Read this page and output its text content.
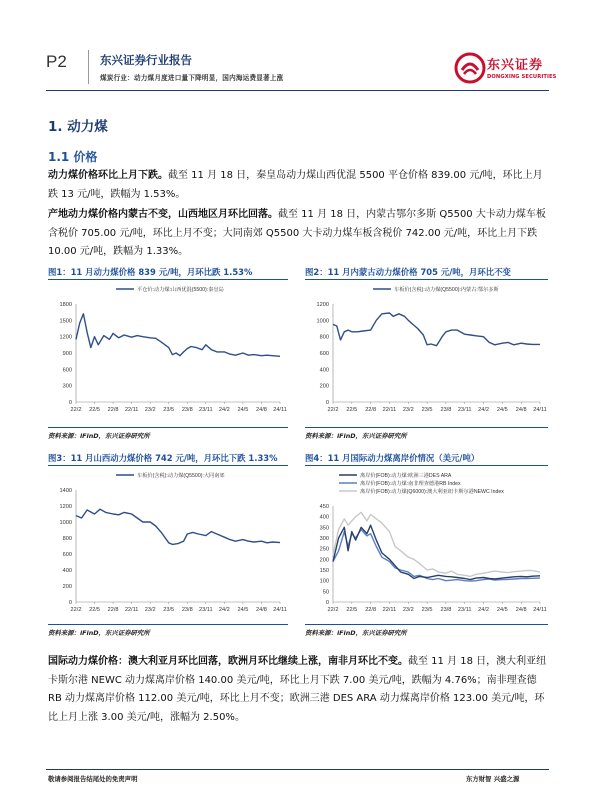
P2	东兴证券行业报告
煤炭行业：动力煤月度进口量下降明显，国内海运费显著上涨
东兴证券
DONGXING SECURITIES
1. 动力煤
1.1 价格
动力煤价格环比上月下跌。截至 11 月 18 日，秦皇岛动力煤山西优混 5500 平仓价格 839.00 元/吨，环比上月跌 13 元/吨，跌幅为 1.53%。
产地动力煤价格内蒙古不变，山西地区月环比回落。截至 11 月 18 日，内蒙古鄂尔多斯 Q5500 大卡动力煤车板含税价 705.00 元/吨，环比上月不变；大同南郊 Q5500 大卡动力煤车板含税价 742.00 元/吨，环比上月下跌 10.00 元/吨，跌幅为 1.33%。
图1：11 月动力煤价格 839 元/吨，月环比跌 1.53%
平仓价:动力煤:山西优混(5500):秦皇岛
0
300
600
900
1200
1500
1800
22/2 22/5 22/8 22/11 23/2 23/5 23/8 23/11 24/2 24/5 24/8 24/11
资料来源：iFinD，东兴证券研究所
图2：11 月内蒙古动力煤价格 705 元/吨，月环比不变
车板价(含税):动力煤(Q5500):内蒙古:鄂尔多斯
0
200
400
600
800
1000
1200
22/2 22/5 22/8 22/11 23/2 23/5 23/8 23/11 24/2 24/5 24/8 24/11
资料来源：iFinD，东兴证券研究所
图3：11 月山西动力煤价格 742 元/吨，月环比下跌 1.33%
车板价(含税):动力煤(Q5500):大同南郊
0
200
400
600
800
1000
1200
1400
22/2 22/5 22/8 22/11 23/2 23/5 23/8 23/11 24/2 24/5 24/8 24/11
资料来源：iFinD，东兴证券研究所
图4：11 月国际动力煤离岸价情况（美元/吨）
离岸价(FOB):动力煤:欧洲三港DES ARA
离岸价(FOB):动力煤:南非理查德港RB Index
离岸价(FOB):动力煤(Q6000):澳大利亚纽卡斯尔港NEWC Index
0
50
100
150
200
250
300
350
400
450
22/2 22/5 22/8 22/11 23/2 23/5 23/8 23/11 24/2 24/5 24/8 24/11
资料来源：iFinD，东兴证券研究所
国际动力煤价格：澳大利亚月环比回落，欧洲月环比继续上涨，南非月环比不变。截至 11 月 18 日，澳大利亚纽卡斯尔港 NEWC 动力煤离岸价格 140.00 美元/吨，环比上月下跌 7.00 美元/吨，跌幅为 4.76%；南非理查德 RB 动力煤离岸价格 112.00 美元/吨，环比上月不变；欧洲三港 DES ARA 动力煤离岸价格 123.00 美元/吨，环比上月上涨 3.00 美元/吨，涨幅为 2.50%。
敬请参阅报告结尾处的免责声明	东方财智 兴盛之源
